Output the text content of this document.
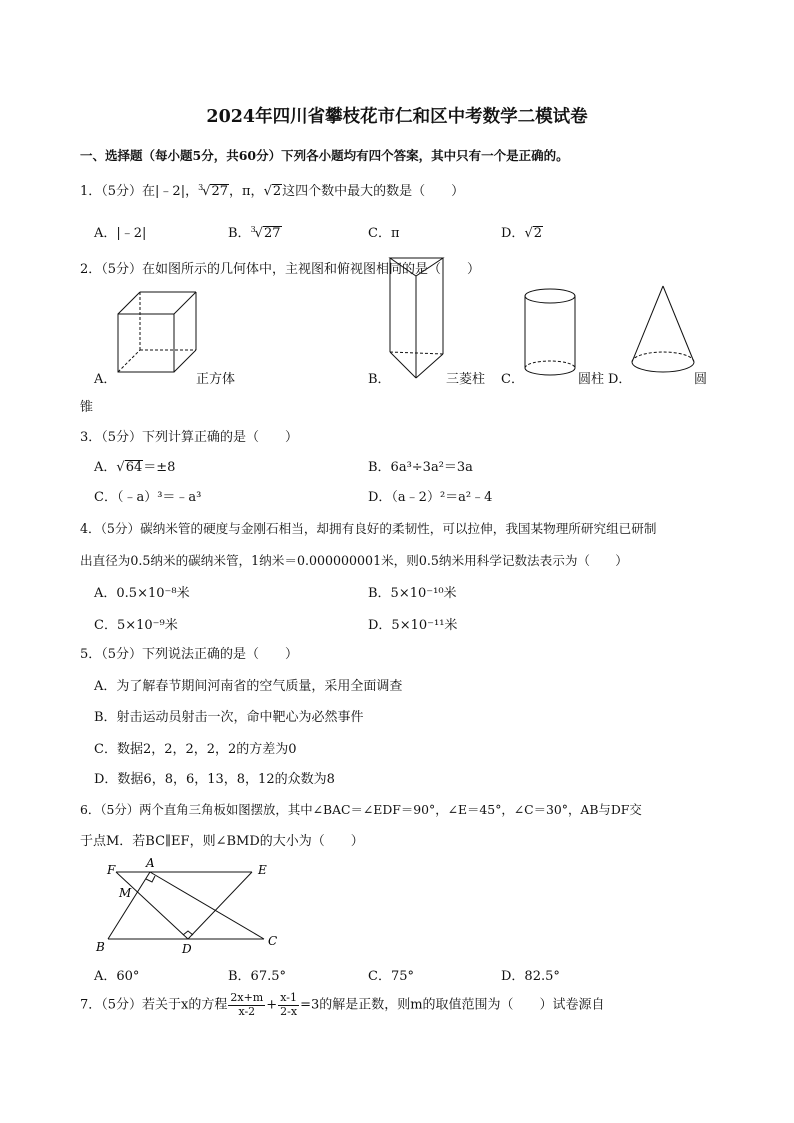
2024年四川省攀枝花市仁和区中考数学二模试卷
一、选择题（每小题5分，共60分）下列各小题均有四个答案，其中只有一个是正确的。
1．（5分）在|﹣2|，$^3$√27，π，√2这四个数中最大的数是（　　）
A．|﹣2|	B．$^3$√27	C．π	D．√2
2．（5分）在如图所示的几何体中，主视图和俯视图相同的是（　　）
A．	正方体	B．	三菱柱 C．	圆柱 D．	圆
锥
3．（5分）下列计算正确的是（　　）
A．√64＝±8	B．6a³÷3a²＝3a
C．（﹣a）³＝﹣a³	D．（a﹣2）²＝a²﹣4
4．（5分）碳纳米管的硬度与金刚石相当，却拥有良好的柔韧性，可以拉伸，我国某物理所研究组已研制
出直径为0.5纳米的碳纳米管，1纳米＝0.000000001米，则0.5纳米用科学记数法表示为（　　）
A．0.5×10⁻⁸米	B．5×10⁻¹⁰米
C．5×10⁻⁹米	D．5×10⁻¹¹米
5．（5分）下列说法正确的是（　　）
A．为了解春节期间河南省的空气质量，采用全面调查
B．射击运动员射击一次，命中靶心为必然事件
C．数据2，2，2，2，2的方差为0
D．数据6，8，6，13，8，12的众数为8
6．（5分）两个直角三角板如图摆放，其中∠BAC＝∠EDF＝90°，∠E＝45°，∠C＝30°，AB与DF交
于点M．若BC∥EF，则∠BMD的大小为（　　）
F	A	E
M
B	D
C
A．60°	B．67.5°	C．75°	D．82.5°
7．（5分）若关于x的方程 $\frac{2x+m}{x-2} + \frac{x-1}{2-x} =3$的解是正数，则m的取值范围为（　　）试卷源自
